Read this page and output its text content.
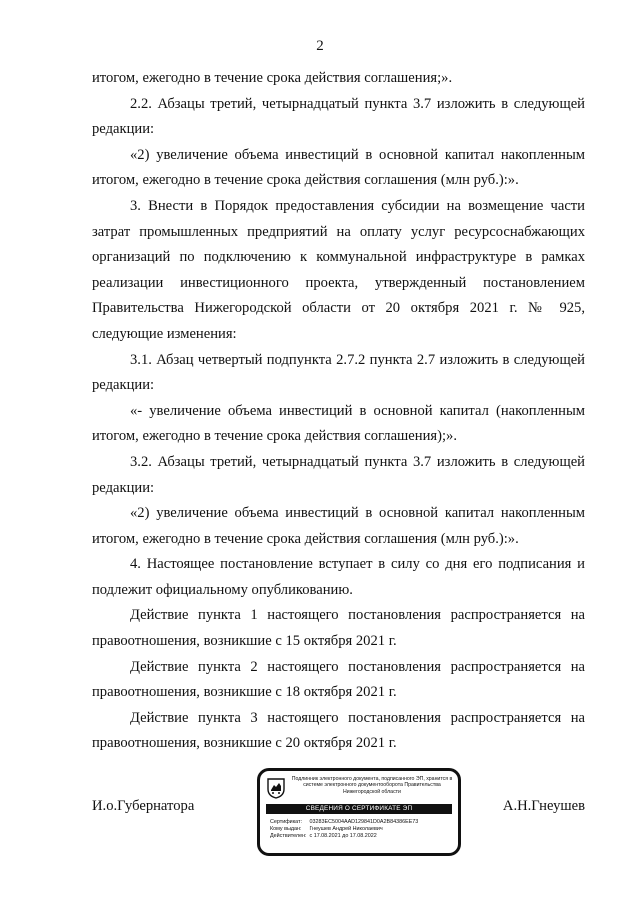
2

итогом, ежегодно в течение срока действия соглашения;».

2.2. Абзацы третий, четырнадцатый пункта 3.7 изложить в следующей редакции:

«2) увеличение объема инвестиций в основной капитал накопленным итогом, ежегодно в течение срока действия соглашения (млн руб.):».

3. Внести в Порядок предоставления субсидии на возмещение части затрат промышленных предприятий на оплату услуг ресурсоснабжающих организаций по подключению к коммунальной инфраструктуре в рамках реализации инвестиционного проекта, утвержденный постановлением Правительства Нижегородской области от 20 октября 2021 г. № 925, следующие изменения:

3.1. Абзац четвертый подпункта 2.7.2 пункта 2.7 изложить в следующей редакции:

«- увеличение объема инвестиций в основной капитал (накопленным итогом, ежегодно в течение срока действия соглашения);».

3.2. Абзацы третий, четырнадцатый пункта 3.7 изложить в следующей редакции:

«2) увеличение объема инвестиций в основной капитал накопленным итогом, ежегодно в течение срока действия соглашения (млн руб.):».

4. Настоящее постановление вступает в силу со дня его подписания и подлежит официальному опубликованию.

Действие пункта 1 настоящего постановления распространяется на правоотношения, возникшие с 15 октября 2021 г.

Действие пункта 2 настоящего постановления распространяется на правоотношения, возникшие с 18 октября 2021 г.

Действие пункта 3 настоящего постановления распространяется на правоотношения, возникшие с 20 октября 2021 г.

И.о.Губернатора	А.Н.Гнеушев
Подлинник электронного документа, подписанного ЭП, хранится в системе электронного документооборота Правительства Нижегородской области
СВЕДЕНИЯ О СЕРТИФИКАТЕ ЭП
Сертификат: 03283EC5004AAD129841D0A2B84386EE73
Кому выдан: Гнеушев Андрей Николаевич
Действителен: с 17.08.2021 до 17.08.2022
